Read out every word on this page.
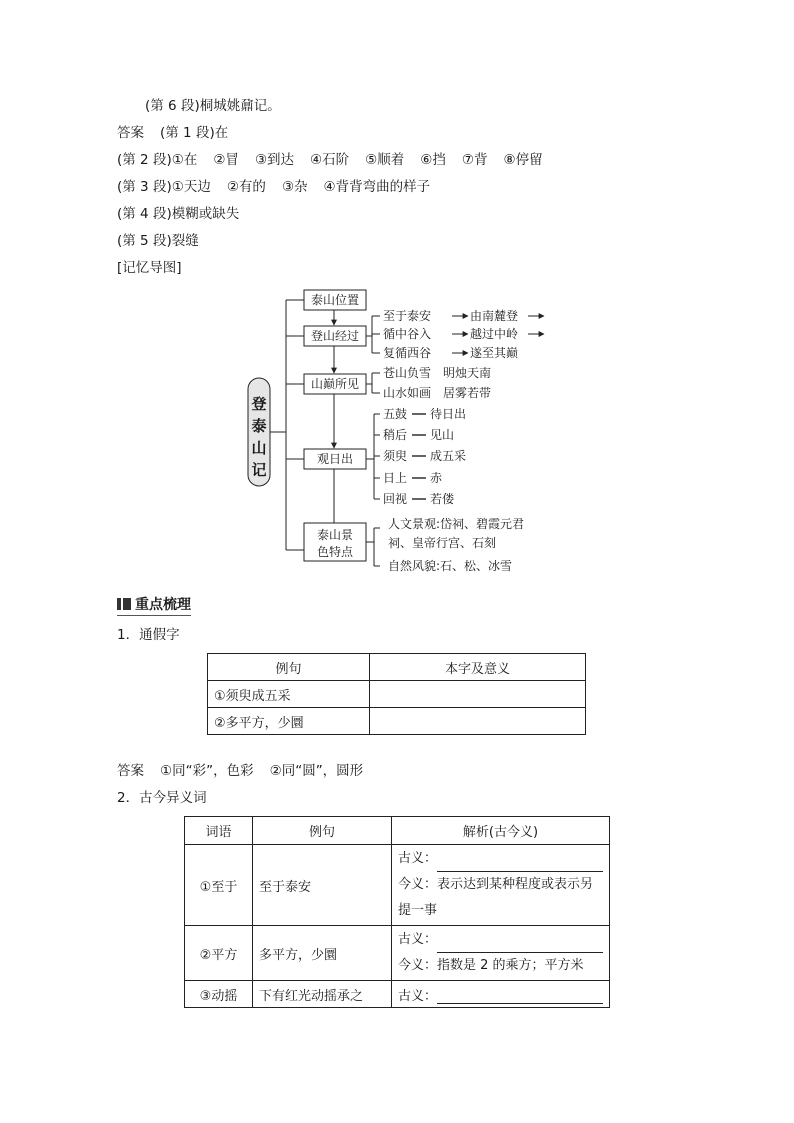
(第 6 段)桐城姚鼐记。
答案 (第 1 段)在
(第 2 段)①在 ②冒 ③到达 ④石阶 ⑤顺着 ⑥挡 ⑦背 ⑧停留
(第 3 段)①天边 ②有的 ③杂 ④背背弯曲的样子
(第 4 段)模糊或缺失
(第 5 段)裂缝
[记忆导图]
登
泰
山
记
泰山位置
登山经过
山巅所见
观日出
泰山景
色特点
至于泰安	由南麓登
循中谷入	越过中岭
复循西谷	遂至其巅
苍山负雪　明烛天南
山水如画　居雾若带
五鼓 待日出
稍后 见山
须臾 成五采
日上 赤
回视 若偻
人文景观:岱祠、碧霞元君
祠、皇帝行宫、石刻
自然风貌:石、松、冰雪
重点梳理
1．通假字
例句	本字及意义
①须臾成五采	
②多平方，少圜	
答案 ①同“彩”，色彩 ②同“圆”，圆形
2．古今异义词
词语	例句	解析(古今义)
①至于	至于泰安	古义：
今义：表示达到某种程度或表示另
提一事

②平方	多平方，少圜	古义：
今义：指数是 2 的乘方；平方米

③动摇	下有红光动摇承之	古义：
